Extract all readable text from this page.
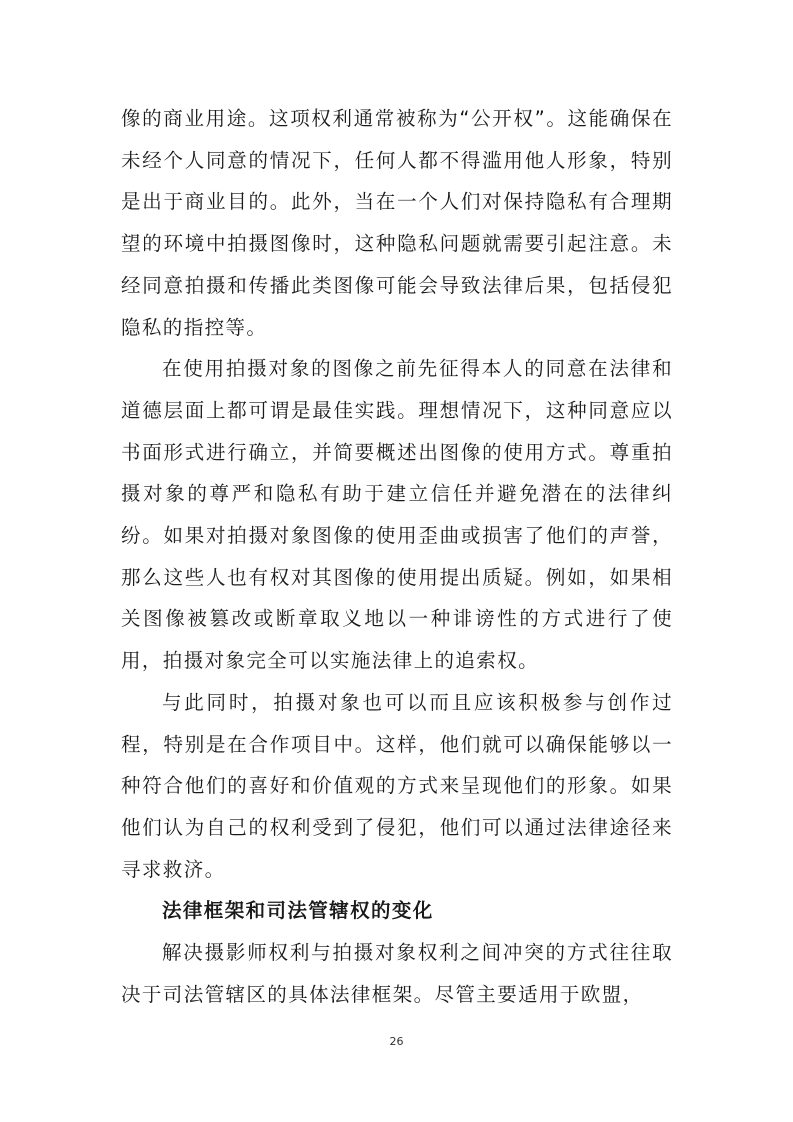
像的商业用途。这项权利通常被称为“公开权”。这能确保在未经个人同意的情况下，任何人都不得滥用他人形象，特别是出于商业目的。此外，当在一个人们对保持隐私有合理期望的环境中拍摄图像时，这种隐私问题就需要引起注意。未经同意拍摄和传播此类图像可能会导致法律后果，包括侵犯隐私的指控等。

在使用拍摄对象的图像之前先征得本人的同意在法律和道德层面上都可谓是最佳实践。理想情况下，这种同意应以书面形式进行确立，并简要概述出图像的使用方式。尊重拍摄对象的尊严和隐私有助于建立信任并避免潜在的法律纠纷。如果对拍摄对象图像的使用歪曲或损害了他们的声誉，那么这些人也有权对其图像的使用提出质疑。例如，如果相关图像被篡改或断章取义地以一种诽谤性的方式进行了使用，拍摄对象完全可以实施法律上的追索权。

与此同时，拍摄对象也可以而且应该积极参与创作过程，特别是在合作项目中。这样，他们就可以确保能够以一种符合他们的喜好和价值观的方式来呈现他们的形象。如果他们认为自己的权利受到了侵犯，他们可以通过法律途径来寻求救济。

法律框架和司法管辖权的变化

解决摄影师权利与拍摄对象权利之间冲突的方式往往取决于司法管辖区的具体法律框架。尽管主要适用于欧盟，

26
